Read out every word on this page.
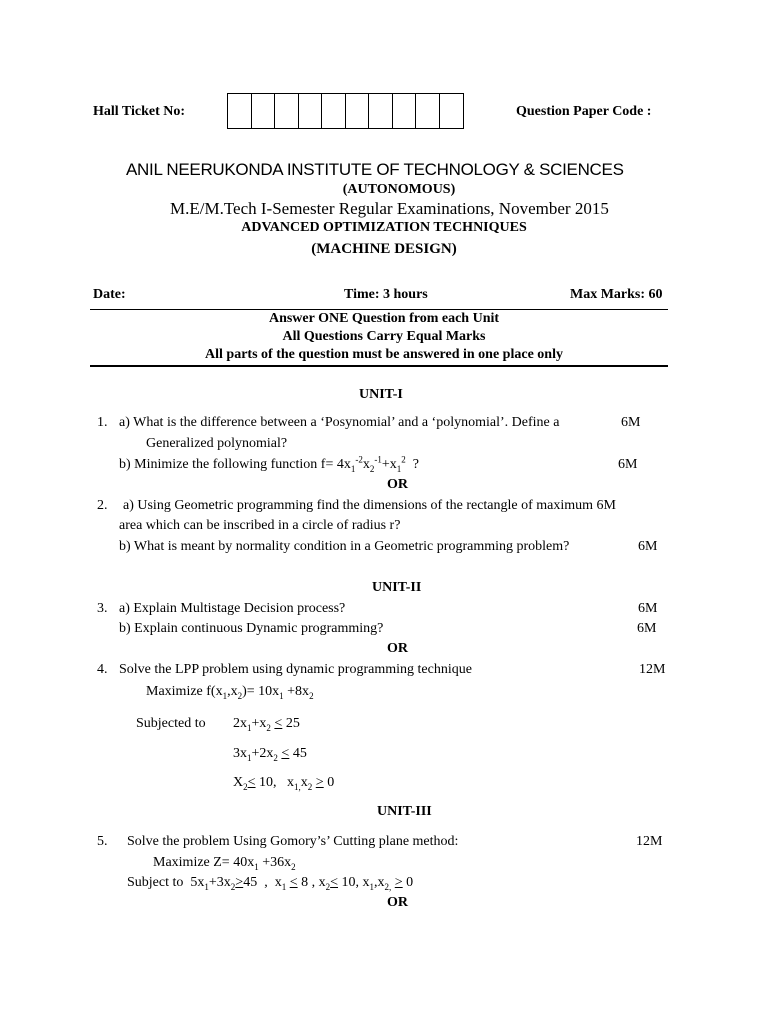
Hall Ticket No:	Question Paper Code :
ANIL NEERUKONDA INSTITUTE OF TECHNOLOGY & SCIENCES
(AUTONOMOUS)
M.E/M.Tech I-Semester Regular Examinations, November 2015
ADVANCED OPTIMIZATION TECHNIQUES
(MACHINE DESIGN)
Date:	Time: 3 hours	Max Marks: 60
Answer ONE Question from each Unit
All Questions Carry Equal Marks
All parts of the question must be answered in one place only
UNIT-I
1. a) What is the difference between a ‘Posynomial’ and a ‘polynomial’. Define a	6M
Generalized polynomial?
b) Minimize the following function $f= 4x_1^{-2}x_2^{-1}+x_1^2$  ?	6M
OR
2. a) Using Geometric programming find the dimensions of the rectangle of maximum 6M
area which can be inscribed in a circle of radius r?
b) What is meant by normality condition in a Geometric programming problem?	6M
UNIT-II
3. a) Explain Multistage Decision process?	6M
b) Explain continuous Dynamic programming?	6M
OR
4. Solve the LPP problem using dynamic programming technique	12M
Maximize $f(x_1,x_2)= 10x_1 +8x_2$
Subjected to $2x_1+x_2 < 25$
$3x_1+2x_2 < 45$
$X_2< 10$,   $x_{1,}x_2 > 0$
UNIT-III
5. Solve the problem Using Gomory’s’ Cutting plane method:	12M
Maximize $Z= 40x_1 +36x_2$
Subject to  $5x_1+3x_2>45$  ,  $x_1 < 8$ , $x_2< 10$, $x_1,x_{2,} > 0$
OR
